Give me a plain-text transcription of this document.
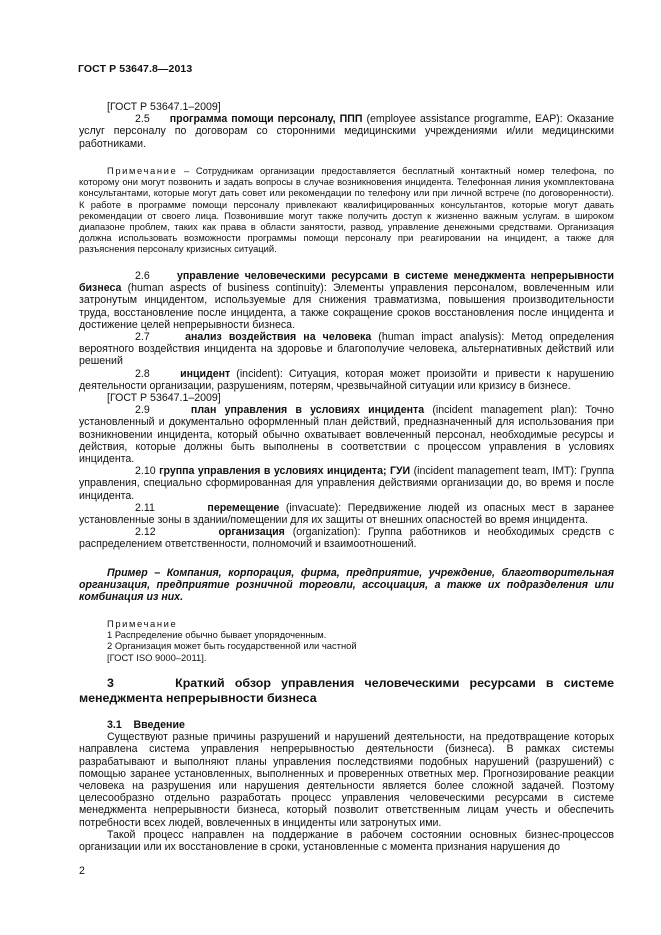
ГОСТ Р 53647.8—2013

[ГОСТ Р 53647.1–2009]

2.5 программа помощи персоналу, ППП (employee assistance programme, EAP): Оказание услуг персоналу по договорам со сторонними медицинскими учреждениями и/или медицинскими работниками.

Примечание – Сотрудникам организации предоставляется бесплатный контактный номер телефона, по которому они могут позвонить и задать вопросы в случае возникновения инцидента. Телефонная линия укомплектована консультантами, которые могут дать совет или рекомендации по телефону или при личной встрече (по договоренности). К работе в программе помощи персоналу привлекают квалифицированных консультантов, которые могут давать рекомендации от своего лица. Позвонившие могут также получить доступ к жизненно важным услугам. в широком диапазоне проблем, таких как права в области занятости, развод, управление денежными средствами. Организация должна использовать возможности программы помощи персоналу при реагировании на инцидент, а также для разъяснения персоналу кризисных ситуаций.

2.6	управление человеческими ресурсами в системе менеджмента непрерывности бизнеса (human aspects of business continuity): Элементы управления персоналом, вовлеченным или затронутым инцидентом, используемые для снижения травматизма, повышения производительности труда, восстановление после инцидента, а также сокращение сроков восстановления после инцидента и достижение целей непрерывности бизнеса.

2.7	анализ воздействия на человека (human impact analysis): Метод определения вероятного воздействия инцидента на здоровье и благополучие человека, альтернативных действий или решений

2.8	инцидент (incident): Ситуация, которая может произойти и привести к нарушению деятельности организации, разрушениям, потерям, чрезвычайной ситуации или кризису в бизнесе.

[ГОСТ Р 53647.1–2009]

2.9	план управления в условиях инцидента (incident management plan): Точно установленный и документально оформленный план действий, предназначенный для использования при возникновении инцидента, который обычно охватывает вовлеченный персонал, необходимые ресурсы и действия, которые должны быть выполнены в соответствии с процессом управления в условиях инцидента.

2.10 группа управления в условиях инцидента; ГУИ (incident management team, IMT): Группа управления, специально сформированная для управления действиями организации до, во время и после инцидента.

2.11	перемещение (invacuate): Передвижение людей из опасных мест в заранее установленные зоны в здании/помещении для их защиты от внешних опасностей во время инцидента.

2.12	организация (organization): Группа работников и необходимых средств с распределением ответственности, полномочий и взаимоотношений.

Пример – Компания, корпорация, фирма, предприятие, учреждение, благотворительная организация, предприятие розничной торговли, ассоциация, а также их подразделения или комбинация из них.

Примечание

1 Распределение обычно бывает упорядоченным.

2 Организация может быть государственной или частной

[ГОСТ ISO 9000–2011].

3	Краткий обзор управления человеческими ресурсами в системе менеджмента непрерывности бизнеса

3.1 Введение

Существуют разные причины разрушений и нарушений деятельности, на предотвращение которых направлена система управления непрерывностью деятельности (бизнеса). В рамках системы разрабатывают и выполняют планы управления последствиями подобных нарушений (разрушений) с помощью заранее установленных, выполненных и проверенных ответных мер. Прогнозирование реакции человека на разрушения или нарушения деятельности является более сложной задачей. Поэтому целесообразно отдельно разработать процесс управления человеческими ресурсами в системе менеджмента непрерывности бизнеса, который позволит ответственным лицам учесть и обеспечить потребности всех людей, вовлеченных в инциденты или затронутых ими.

Такой процесс направлен на поддержание в рабочем состоянии основных бизнес-процессов организации или их восстановление в сроки, установленные с момента признания нарушения до

2
